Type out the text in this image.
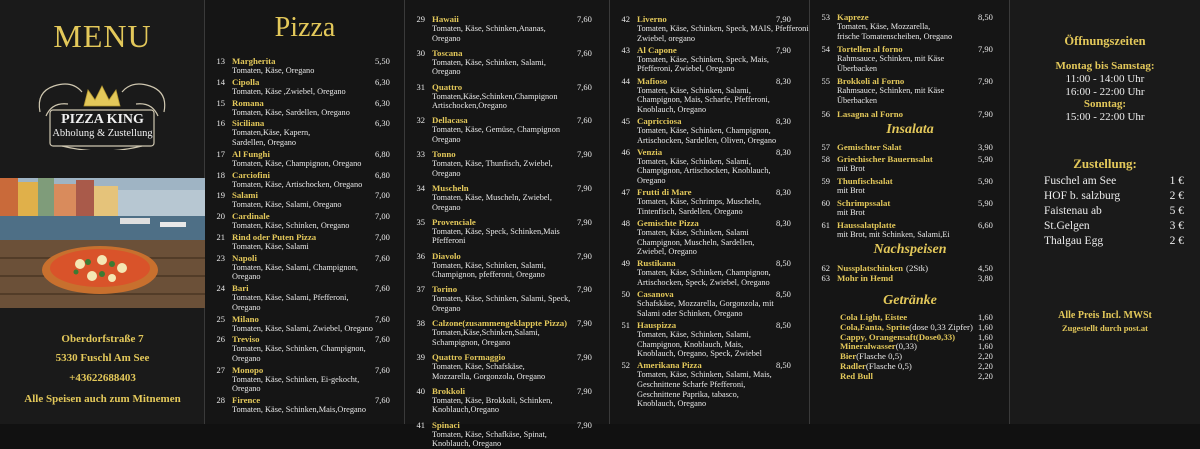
MENU
PIZZA KING
Abholung & Zustellung
Oberdorfstraße 7
5330 Fuschl Am See
+43622688403
Alle Speisen auch zum Mitnemen
Pizza
13 Margherita	5,50
Tomaten, Käse, Oregano
14 Cipolla	6,30
Tomaten, Käse ,Zwiebel, Oregano
15 Romana	6,30
Tomaten, Käse, Sardellen, Oregano
16 Siciliana	6,30
Tomaten,Käse, Kapern,
Sardellen, Oregano
17 Al Funghi	6,80
Tomaten, Käse, Champignon, Oregano
18 Carciofini	6,80
Tomaten, Käse, Artischocken, Oregano
19 Salami	7,00
Tomaten, Käse, Salami, Oregano
20 Cardinale	7,00
Tomaten, Käse, Schinken, Oregano
21 Rind oder Puten Pizza	7,00
Tomaten, Käse, Salami
23 Napoli	7,60
Tomaten, Käse, Salami, Champignon,
Oregano
24 Bari	7,60
Tomaten, Käse, Salami, Pfefferoni,
Oregano
25 Milano	7,60
Tomaten, Käse, Salami, Zwiebel, Oregano
26 Treviso	7,60
Tomaten, Käse, Schinken, Champignon,
Oregano
27 Monopo	7,60
Tomaten, Käse, Schinken, Ei-gekocht,
Oregano
28 Firence	7,60
Tomaten, Käse, Schinken,Mais,Oregano
29 Hawaii	7,60
Tomaten, Käse, Schinken,Ananas,
Oregano
30 Toscana	7,60
Tomaten, Käse, Schinken, Salami,
Oregano
31 Quattro	7,60
Tomaten,Käse,Schinken,Champignon
Artischocken,Oregano
32 Dellacasa	7,60
Tomaten, Käse, Gemüse, Champignon
Oregano
33 Tonno	7,90
Tomaten, Käse, Thunfisch, Zwiebel,
Oregano
34 Muscheln	7,90
Tomaten, Käse, Muscheln, Zwiebel,
Oregano
35 Provenciale	7,90
Tomaten, Käse, Speck, Schinken,Mais
Pfefferoni
36 Diavolo	7,90
Tomaten, Käse, Schinken, Salami,
Champignon, pfefferoni, Oregano
37 Torino	7,90
Tomaten, Käse, Schinken, Salami, Speck,
Oregano
38 Calzone(zusammengeklappte Pizza) 7,90
Tomaten,Käse,Schinken,Salami,
Schampignon, Oregano
39 Quattro Formaggio	7,90
Tomaten, Käse, Schafskäse,
Mozzarella, Gorgonzola, Oregano
40 Brokkoli	7,90
Tomaten, Käse, Brokkoli, Schinken,
Knoblauch,Oregano
41 Spinaci	7,90
Tomaten, Käse, Schafkäse, Spinat,
Knoblauch, Oregano
42 Liverno	7,90
Tomaten, Käse, Schinken, Speck, MAIS, Pfefferoni
Zwiebel, oregano
43 Al Capone	7,90
Tomaten, Käse, Schinken, Speck, Mais,
Pfefferoni, Zwiebel, Oregano
44 Mafioso	8,30
Tomaten, Käse, Schinken, Salami,
Champignon, Mais, Scharfe, Pfefferoni,
Knoblauch, Oregano
45 Capricciosa	8,30
Tomaten, Käse, Schinken, Champignon,
Artischocken, Sardellen, Oliven, Oregano
46 Venzia	8,30
Tomaten, Käse, Schinken, Salami,
Champignon, Artischocken, Knoblauch,
Oregano
47 Frutti di Mare	8,30
Tomaten, Käse, Schrimps, Muscheln,
Tintenfisch, Sardellen, Oregano
48 Gemischte Pizza	8,30
Tomaten, Käse, Schinken, Salami
Champignon, Muscheln, Sardellen,
Zwiebel, Oregano
49 Rustikana	8,50
Tomaten, Käse, Schinken, Champignon,
Artischocken, Speck, Zwiebel, Oregano
50 Casanova	8,50
Schafskäse, Mozzarella, Gorgonzola, mit
Salami oder Schinken, Oregano
51 Hauspizza	8,50
Tomaten, Käse, Schinken, Salami,
Champignon, Knoblauch, Mais,
Knoblauch, Oregano, Speck, Zwiebel
52 Amerikana Pizza	8,50
Tomaten, Käse, Schinken, Salami, Mais,
Geschnittene Scharfe Pfefferoni,
Geschnittene Paprika, tabasco,
Knoblauch, Oregano
53 Kapreze	8,50
Tomaten, Käse, Mozzarella,
frische Tomatenscheiben, Oregano
54 Tortellen al forno	7,90
Rahmsauce, Schinken, mit Käse
Überbacken
55 Brokkoli al Forno	7,90
Rahmsauce, Schinken, mit Käse
Überbacken
56 Lasagna al Forno	7,90
Insalata
57 Gemischter Salat	3,90
58 Griechischer Bauernsalat	5,90
mit Brot
59 Thunfischsalat	5,90
mit Brot
60 Schrimpssalat	5,90
mit Brot
61 Haussalatplatte	6,60
mit Brot, mit Schinken, Salami,Ei
Nachspeisen
62 Nussplatschinken (2Stk)	4,50
63 Mohr in Hemd	3,80
Getränke
Cola Light, Eistee	1,60
Cola,Fanta, Sprite(dose 0,33 Zipfer) 1,60
Cappy, Orangensaft(Dose0,33)	1,60
Mineralwasser(0,33)	1,60
Bier(Flasche 0,5)	2,20
Radler(Flasche 0,5)	2,20
Red Bull	2,20
Öffnungszeiten
Montag bis Samstag:
11:00 - 14:00 Uhr
16:00 - 22:00 Uhr
Sonntag:
15:00 - 22:00 Uhr
Zustellung:
Fuschel am See	1 €
HOF b. salzburg	2 €
Faistenau ab	5 €
St.Gelgen	3 €
Thalgau Egg	2 €
Alle Preis Incl. MWSt
Zugestellt durch post.at
